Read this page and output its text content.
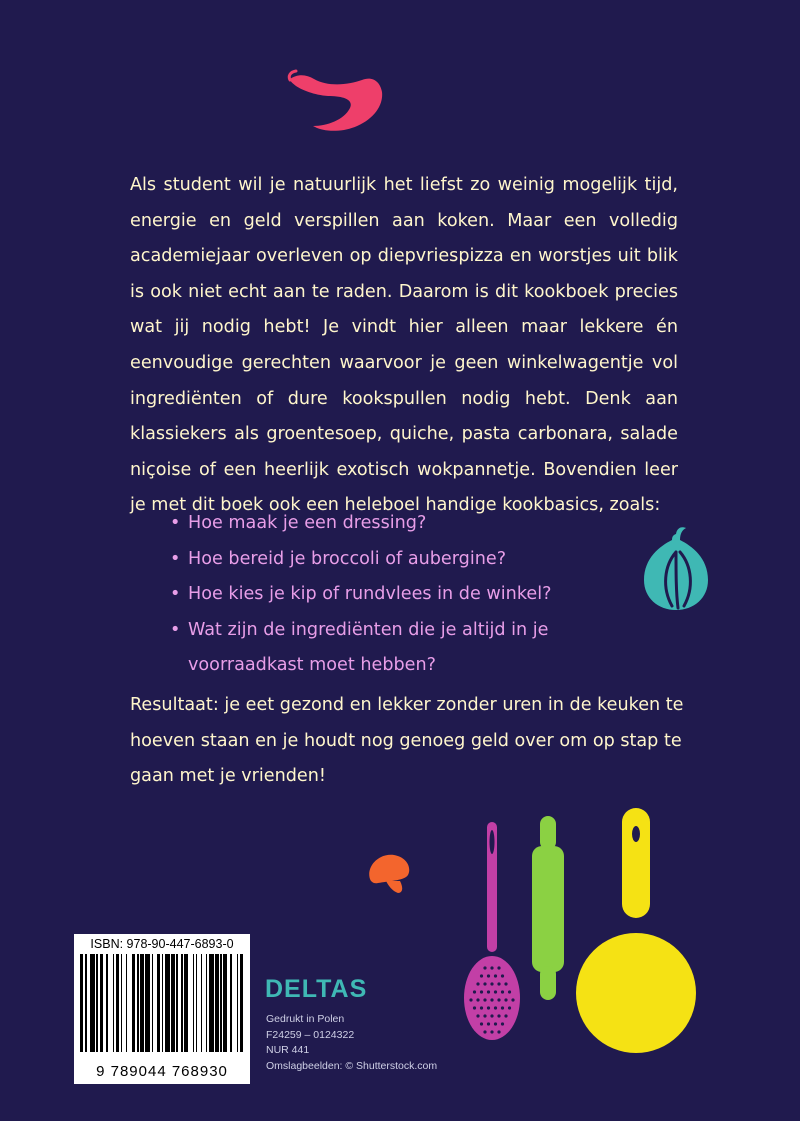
Als student wil je natuurlijk het liefst zo weinig mogelijk tijd, energie en geld verspillen aan koken. Maar een volledig academiejaar overleven op diepvriespizza en worstjes uit blik is ook niet echt aan te raden. Daarom is dit kookboek precies wat jij nodig hebt! Je vindt hier alleen maar lekkere én eenvoudige gerechten waarvoor je geen winkelwagentje vol ingrediënten of dure kookspullen nodig hebt. Denk aan klassiekers als groentesoep, quiche, pasta carbonara, salade niçoise of een heerlijk exotisch wokpannetje. Bovendien leer je met dit boek ook een heleboel handige kookbasics, zoals:

• Hoe maak je een dressing?
• Hoe bereid je broccoli of aubergine?
• Hoe kies je kip of rundvlees in de winkel?
• Wat zijn de ingrediënten die je altijd in je voorraadkast moet hebben?

Resultaat: je eet gezond en lekker zonder uren in de keuken te hoeven staan en je houdt nog genoeg geld over om op stap te gaan met je vrienden!

ISBN: 978-90-447-6893-0
9 789044 768930
DELTAS
Gedrukt in Polen
F24259 – 0124322
NUR 441
Omslagbeelden: © Shutterstock.com
